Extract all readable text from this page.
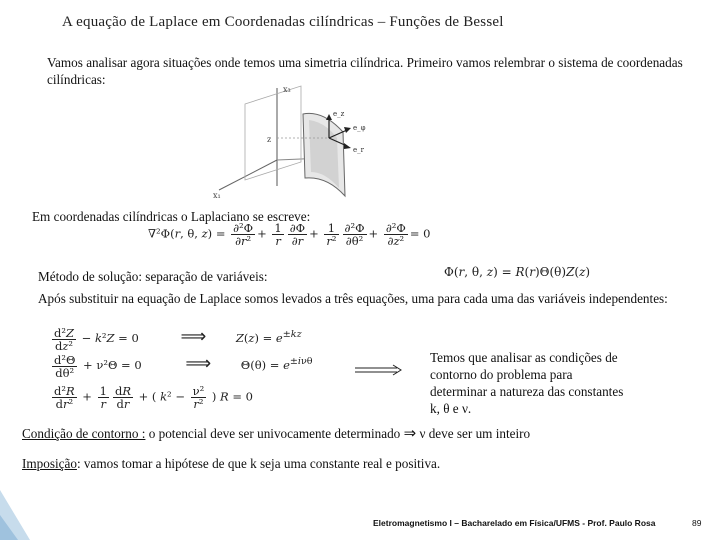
A equação de Laplace em Coordenadas cilíndricas – Funções de Bessel
Vamos analisar agora situações onde temos uma simetria cilíndrica. Primeiro vamos relembrar o sistema de coordenadas cilíndricas:
x₃
x₁
z
e_z
e_φ
e_r
Em coordenadas cilíndricas o Laplaciano se escreve:
∇²Φ(r, θ, $z) = \frac{\text{∂²Φ}}{\text{∂r²}} + \frac{1}{r} \frac{\partial\Phi}{\partial r} + \frac{1}{\text{r²}} \frac{\text{∂²Φ}}{\text{∂θ²}} + \frac{\text{∂²Φ}}{\text{∂z²}} = 0$
Método de solução: separação de variáveis:	Φ(r, θ, z) = R(r)Θ(θ)Z(z)
Após substituir na equação de Laplace somos levados a três equações, uma para cada uma das variáveis independentes:
$\frac{\text{d²Z}}{\text{dz²}} - k^2Z = 0$ ⟹	$Z(z) = e^{\pm kz}$
$\frac{\text{d²Θ}}{\text{dθ²}} + \nu^2\Theta = 0$ ⟹ $\Theta(\theta) = e^{\pm i\nu\theta}$
$\frac{\text{d²R}}{\text{dr²}} + \frac{1}{r} \frac{dR}{dr}$ + ( $k^2 - \frac{\text{ν²}}{\text{r²}}$ ) R = 0
Temos que analisar as condições de
contorno do problema para
determinar a natureza das constantes
k, θ e ν.
Condição de contorno : o potencial deve ser univocamente determinado ⇒ ν deve ser um inteiro
Imposição: vamos tomar a hipótese de que k seja uma constante real e positiva.
Eletromagnetismo I – Bacharelado em Física/UFMS - Prof. Paulo Rosa	89
